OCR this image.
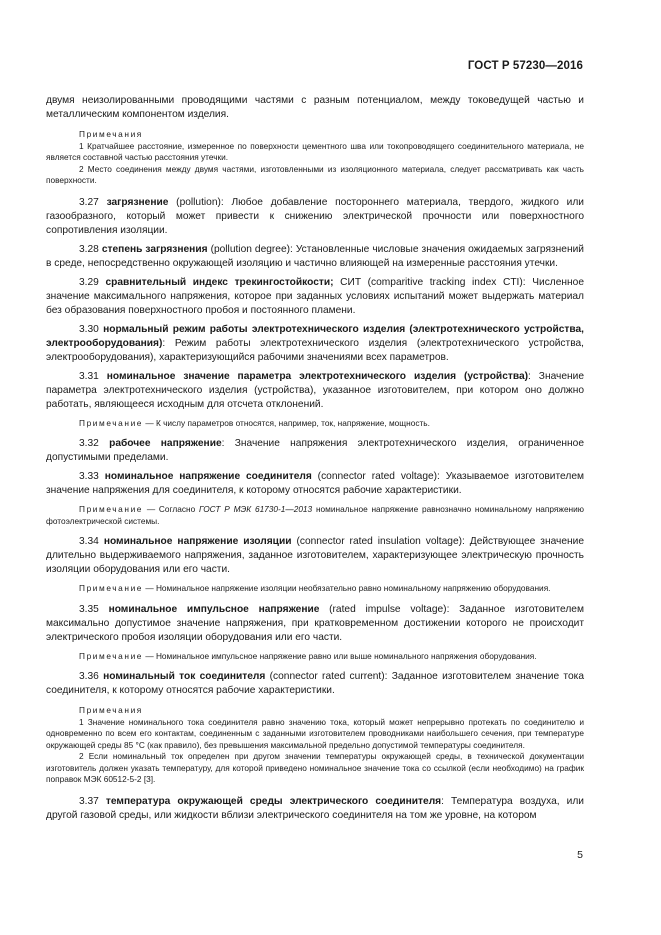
ГОСТ Р 57230—2016

двумя неизолированными проводящими частями с разным потенциалом, между токоведущей частью и металлическим компонентом изделия.

Примечания

1 Кратчайшее расстояние, измеренное по поверхности цементного шва или токопроводящего соединительного материала, не является составной частью расстояния утечки.

2 Место соединения между двумя частями, изготовленными из изоляционного материала, следует рассматривать как часть поверхности.

3.27 загрязнение (pollution): Любое добавление постороннего материала, твердого, жидкого или газообразного, который может привести к снижению электрической прочности или поверхностного сопротивления изоляции.

3.28 степень загрязнения (pollution degree): Установленные числовые значения ожидаемых загрязнений в среде, непосредственно окружающей изоляцию и частично влияющей на измеренные расстояния утечки.

3.29 сравнительный индекс трекингостойкости; СИТ (comparitive tracking index CTI): Численное значение максимального напряжения, которое при заданных условиях испытаний может выдержать материал без образования поверхностного пробоя и постоянного пламени.

3.30 нормальный режим работы электротехнического изделия (электротехнического устройства, электрооборудования): Режим работы электротехнического изделия (электротехнического устройства, электрооборудования), характеризующийся рабочими значениями всех параметров.

3.31 номинальное значение параметра электротехнического изделия (устройства): Значение параметра электротехнического изделия (устройства), указанное изготовителем, при котором оно должно работать, являющееся исходным для отсчета отклонений.

Примечание — К числу параметров относятся, например, ток, напряжение, мощность.

3.32 рабочее напряжение: Значение напряжения электротехнического изделия, ограниченное допустимыми пределами.

3.33 номинальное напряжение соединителя (connector rated voltage): Указываемое изготовителем значение напряжения для соединителя, к которому относятся рабочие характеристики.

Примечание — Согласно ГОСТ Р МЭК 61730-1—2013 номинальное напряжение равнозначно номинальному напряжению фотоэлектрической системы.

3.34 номинальное напряжение изоляции (connector rated insulation voltage): Действующее значение длительно выдерживаемого напряжения, заданное изготовителем, характеризующее электрическую прочность изоляции оборудования или его части.

Примечание — Номинальное напряжение изоляции необязательно равно номинальному напряжению оборудования.

3.35 номинальное импульсное напряжение (rated impulse voltage): Заданное изготовителем максимально допустимое значение напряжения, при кратковременном достижении которого не происходит электрического пробоя изоляции оборудования или его части.

Примечание — Номинальное импульсное напряжение равно или выше номинального напряжения оборудования.

3.36 номинальный ток соединителя (connector rated current): Заданное изготовителем значение тока соединителя, к которому относятся рабочие характеристики.

Примечания

1 Значение номинального тока соединителя равно значению тока, который может непрерывно протекать по соединителю и одновременно по всем его контактам, соединенным с заданными изготовителем проводниками наибольшего сечения, при температуре окружающей среды 85 °С (как правило), без превышения максимальной предельно допустимой температуры соединителя.

2 Если номинальный ток определен при другом значении температуры окружающей среды, в технической документации изготовитель должен указать температуру, для которой приведено номинальное значение тока со ссылкой (если необходимо) на график поправок МЭК 60512-5-2 [3].

3.37 температура окружающей среды электрического соединителя: Температура воздуха, или другой газовой среды, или жидкости вблизи электрического соединителя на том же уровне, на котором

5
